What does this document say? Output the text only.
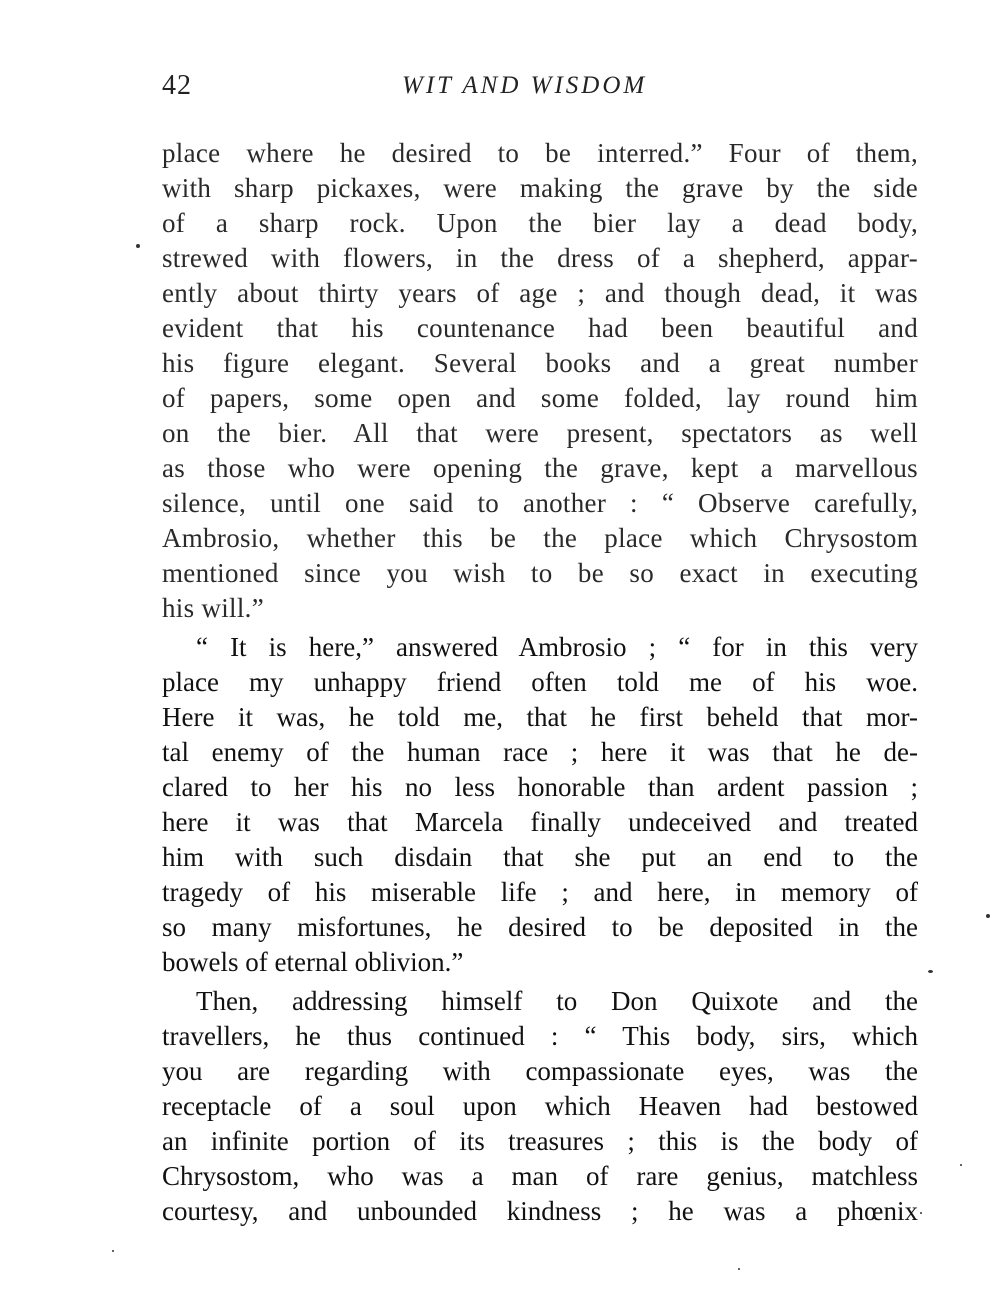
42	WIT AND WISDOM
place where he desired to be interred.” Four of them,
with sharp pickaxes, were making the grave by the side
of a sharp rock. Upon the bier lay a dead body,
strewed with flowers, in the dress of a shepherd, appar-
ently about thirty years of age ; and though dead, it was
evident that his countenance had been beautiful and
his figure elegant. Several books and a great number
of papers, some open and some folded, lay round him
on the bier. All that were present, spectators as well
as those who were opening the grave, kept a marvellous
silence, until one said to another : “ Observe carefully,
Ambrosio, whether this be the place which Chrysostom
mentioned since you wish to be so exact in executing
his will.”
“ It is here,” answered Ambrosio ; “ for in this very
place my unhappy friend often told me of his woe.
Here it was, he told me, that he first beheld that mor-
tal enemy of the human race ; here it was that he de-
clared to her his no less honorable than ardent passion ;
here it was that Marcela finally undeceived and treated
him with such disdain that she put an end to the
tragedy of his miserable life ; and here, in memory of
so many misfortunes, he desired to be deposited in the
bowels of eternal oblivion.”
Then, addressing himself to Don Quixote and the
travellers, he thus continued : “ This body, sirs, which
you are regarding with compassionate eyes, was the
receptacle of a soul upon which Heaven had bestowed
an infinite portion of its treasures ; this is the body of
Chrysostom, who was a man of rare genius, matchless
courtesy, and unbounded kindness ; he was a phœnix
